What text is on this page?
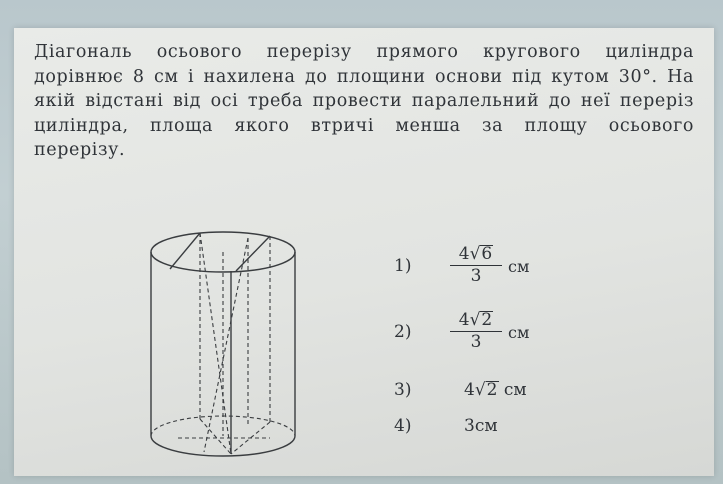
Діагональ осьового перерізу прямого кругового циліндра дорівнює 8 см і нахилена до площини основи під кутом 30°. На якій відстані від осі треба провести паралельний до неї переріз циліндра, площа якого втричі менша за площу осьового перерізу.
1)
4√6
3	см
2)
4√2
3	см
3)	4√2 см
4)	3см
